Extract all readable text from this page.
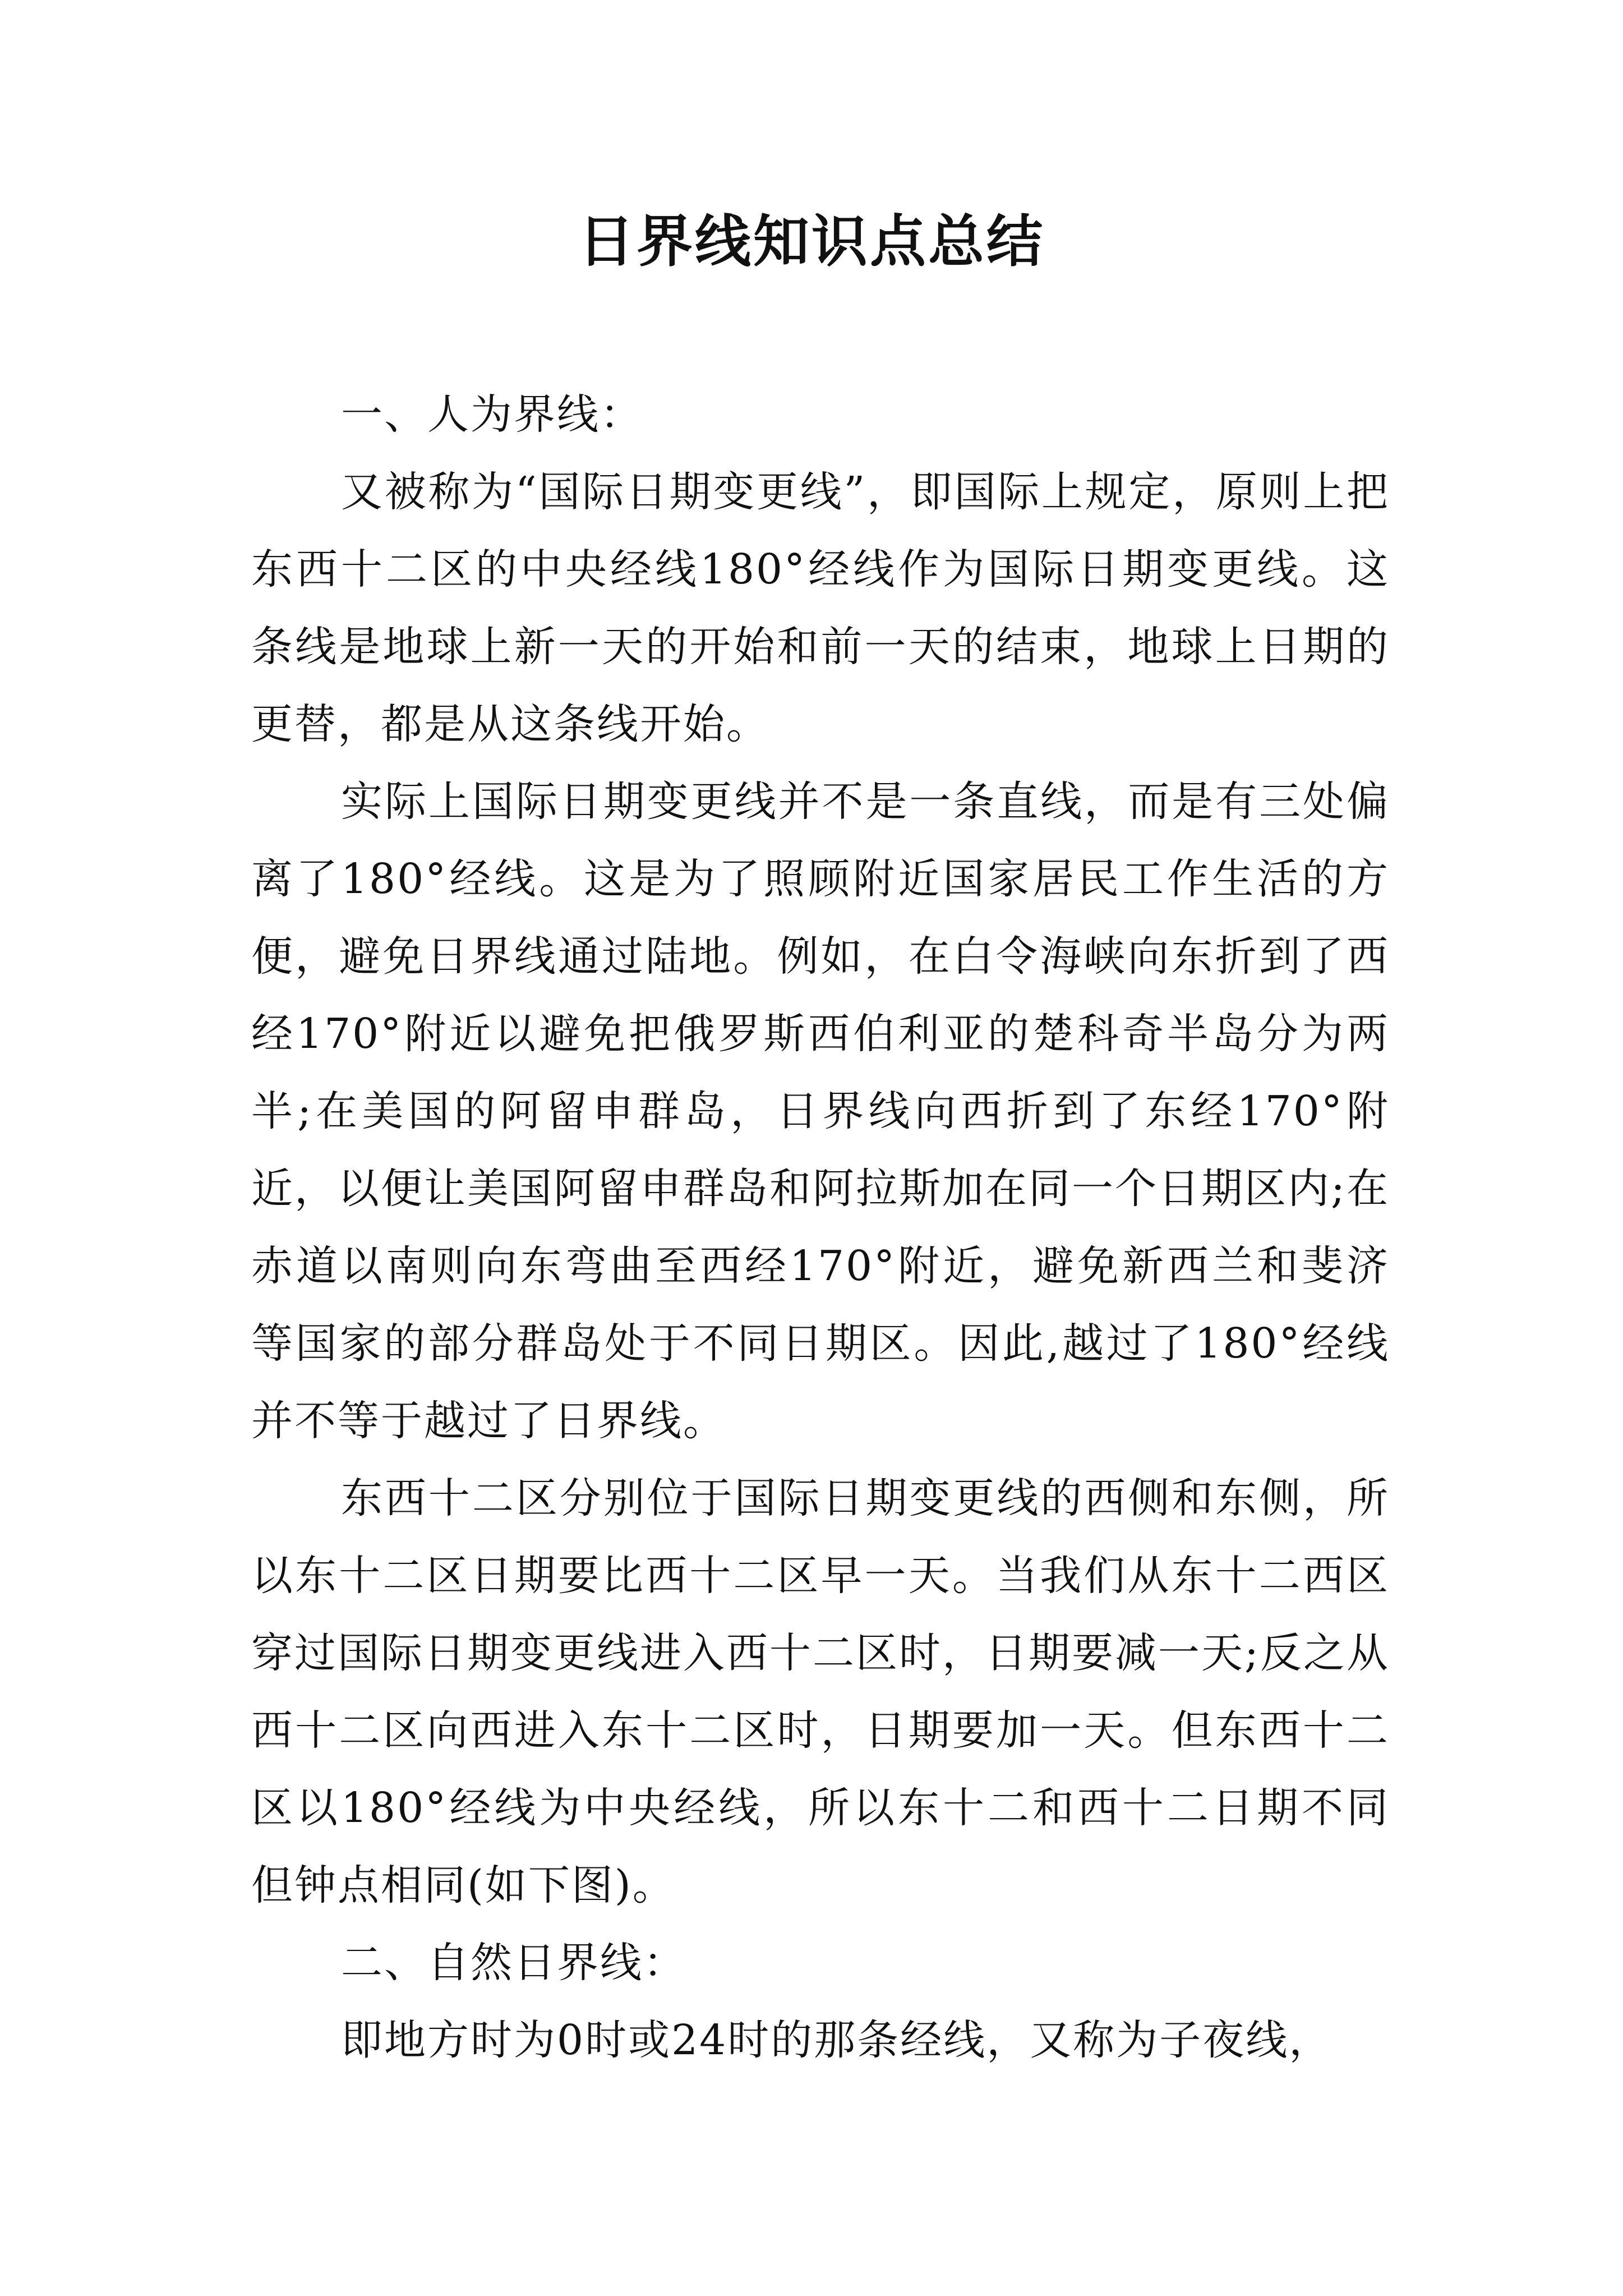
日界线知识点总结

一、人为界线：

又被称为“国际日期变更线”，即国际上规定，原则上把东西十二区的中央经线180°经线作为国际日期变更线。这条线是地球上新一天的开始和前一天的结束，地球上日期的更替，都是从这条线开始。

实际上国际日期变更线并不是一条直线，而是有三处偏离了180°经线。这是为了照顾附近国家居民工作生活的方便，避免日界线通过陆地。例如，在白令海峡向东折到了西经170°附近以避免把俄罗斯西伯利亚的楚科奇半岛分为两半;在美国的阿留申群岛，日界线向西折到了东经170°附近，以便让美国阿留申群岛和阿拉斯加在同一个日期区内;在赤道以南则向东弯曲至西经170°附近，避免新西兰和斐济等国家的部分群岛处于不同日期区。因此,越过了180°经线并不等于越过了日界线。

东西十二区分别位于国际日期变更线的西侧和东侧，所以东十二区日期要比西十二区早一天。当我们从东十二西区穿过国际日期变更线进入西十二区时，日期要减一天;反之从西十二区向西进入东十二区时，日期要加一天。但东西十二区以180°经线为中央经线，所以东十二和西十二日期不同但钟点相同(如下图)。

二、自然日界线：

即地方时为0时或24时的那条经线，又称为子夜线，
